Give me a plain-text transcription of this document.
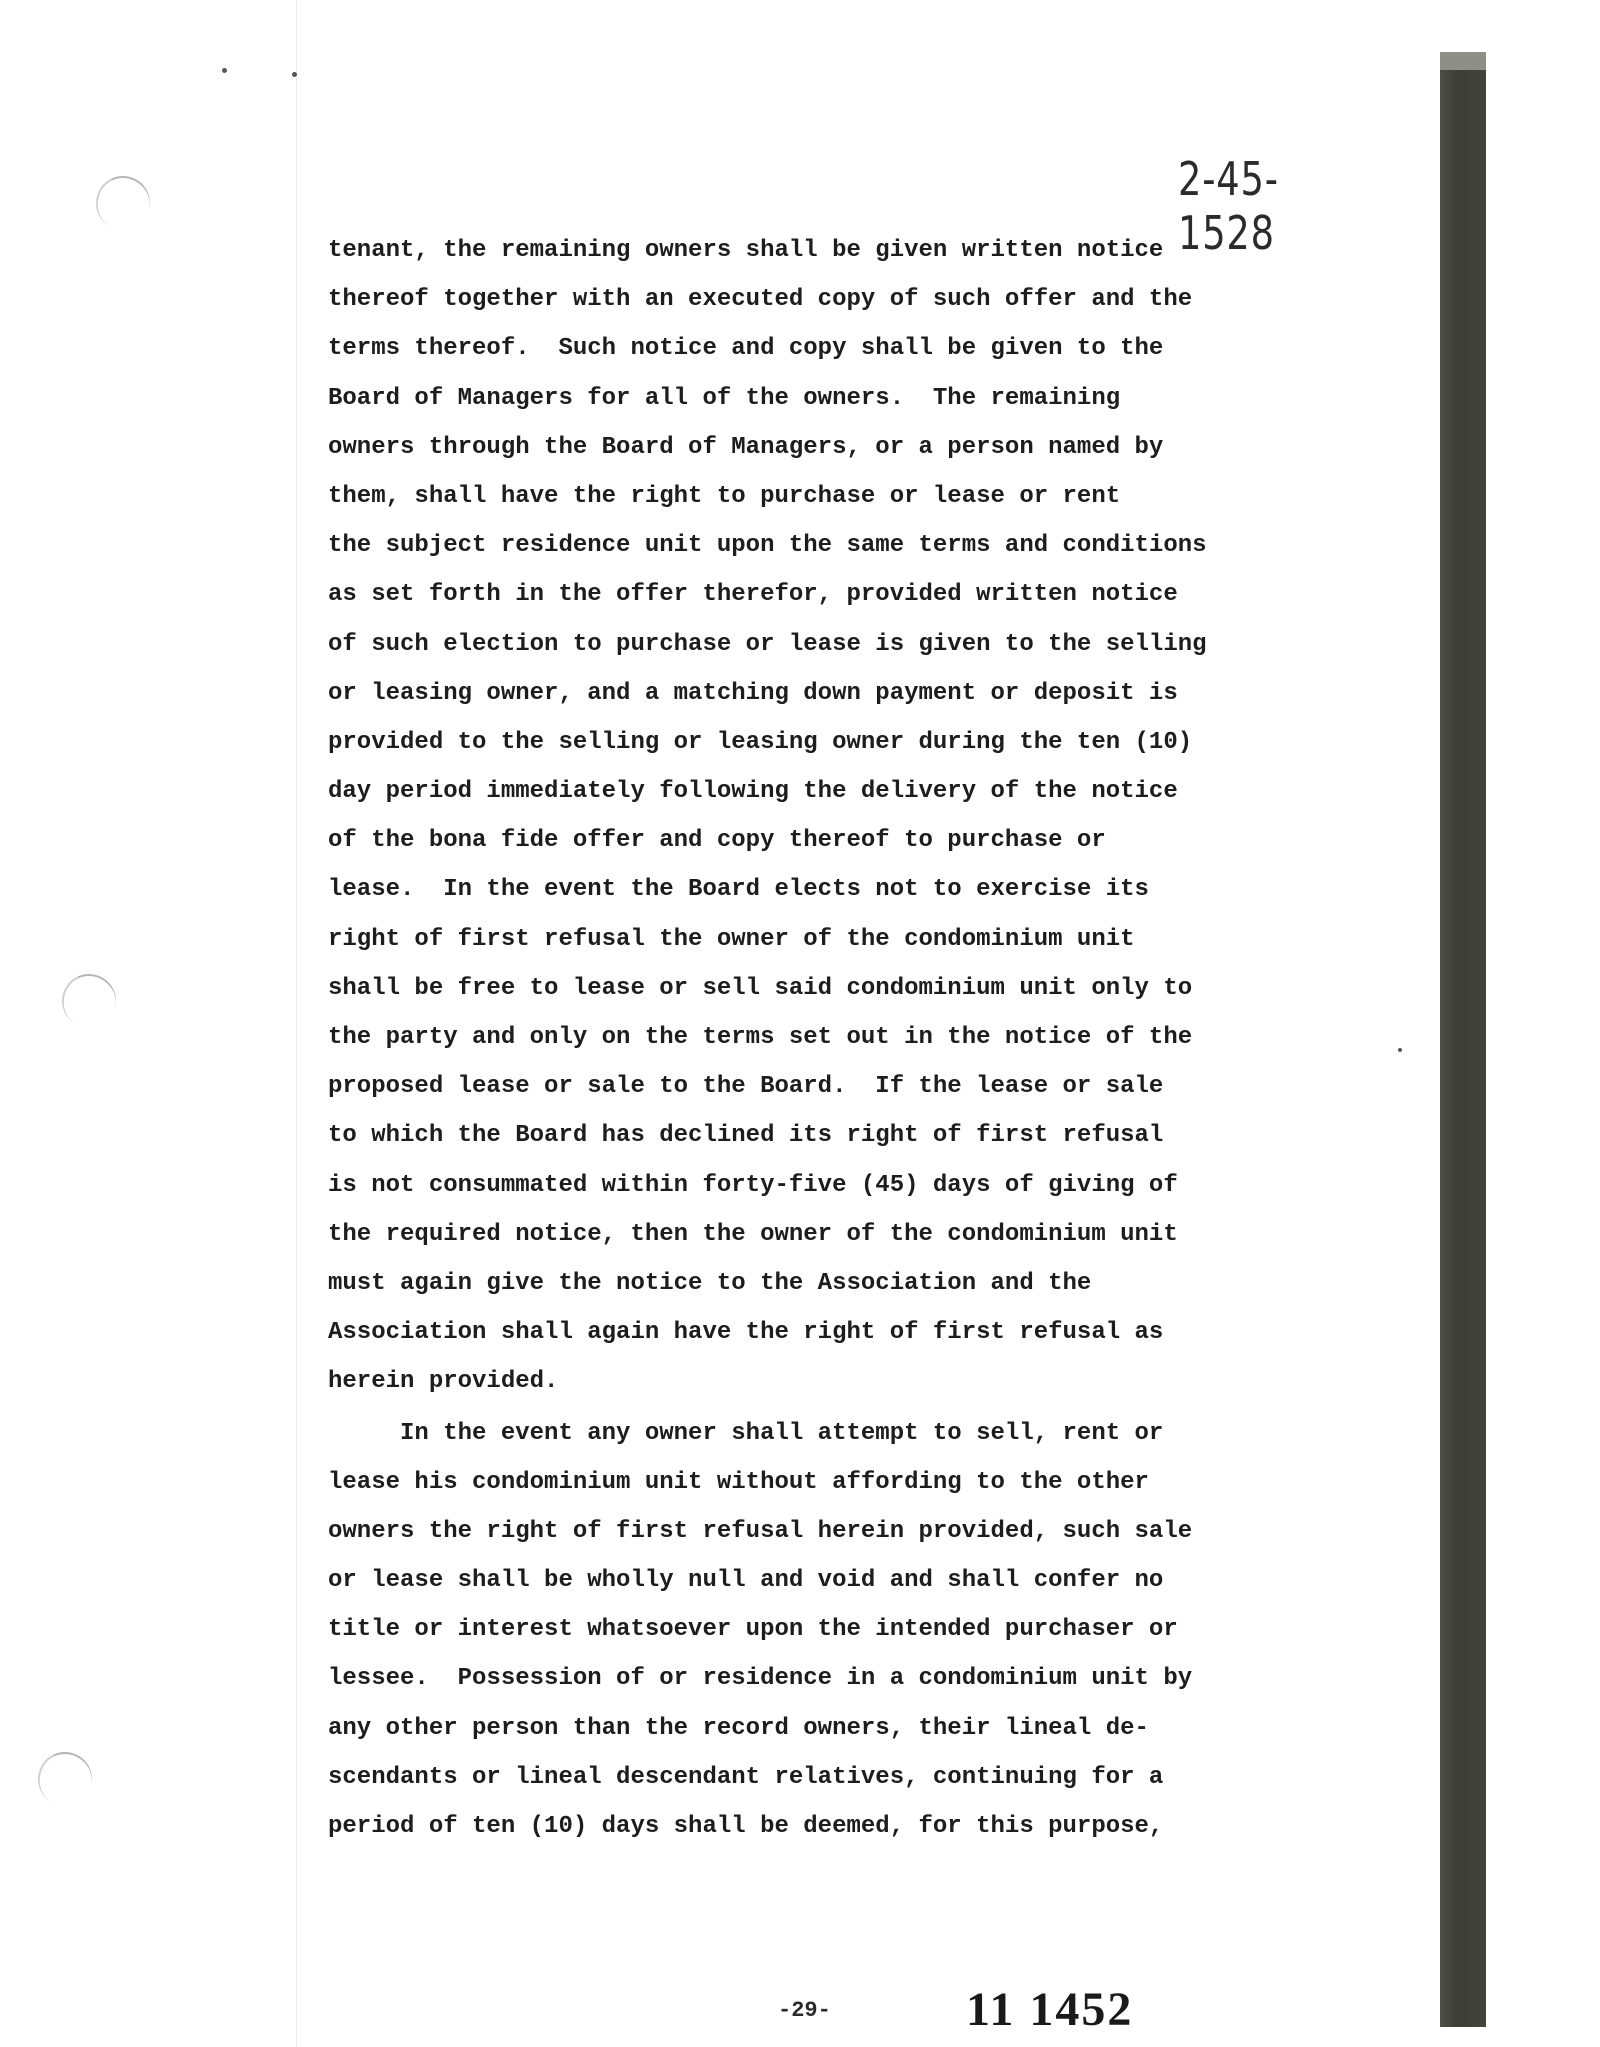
2-45-1528
tenant, the remaining owners shall be given written notice
thereof together with an executed copy of such offer and the
terms thereof.  Such notice and copy shall be given to the
Board of Managers for all of the owners.  The remaining
owners through the Board of Managers, or a person named by
them, shall have the right to purchase or lease or rent
the subject residence unit upon the same terms and conditions
as set forth in the offer therefor, provided written notice
of such election to purchase or lease is given to the selling
or leasing owner, and a matching down payment or deposit is
provided to the selling or leasing owner during the ten (10)
day period immediately following the delivery of the notice
of the bona fide offer and copy thereof to purchase or
lease.  In the event the Board elects not to exercise its
right of first refusal the owner of the condominium unit
shall be free to lease or sell said condominium unit only to
the party and only on the terms set out in the notice of the
proposed lease or sale to the Board.  If the lease or sale
to which the Board has declined its right of first refusal
is not consummated within forty-five (45) days of giving of
the required notice, then the owner of the condominium unit
must again give the notice to the Association and the
Association shall again have the right of first refusal as
herein provided.
In the event any owner shall attempt to sell, rent or
lease his condominium unit without affording to the other
owners the right of first refusal herein provided, such sale
or lease shall be wholly null and void and shall confer no
title or interest whatsoever upon the intended purchaser or
lessee.  Possession of or residence in a condominium unit by
any other person than the record owners, their lineal de-
scendants or lineal descendant relatives, continuing for a
period of ten (10) days shall be deemed, for this purpose,
-29-	11 1452
